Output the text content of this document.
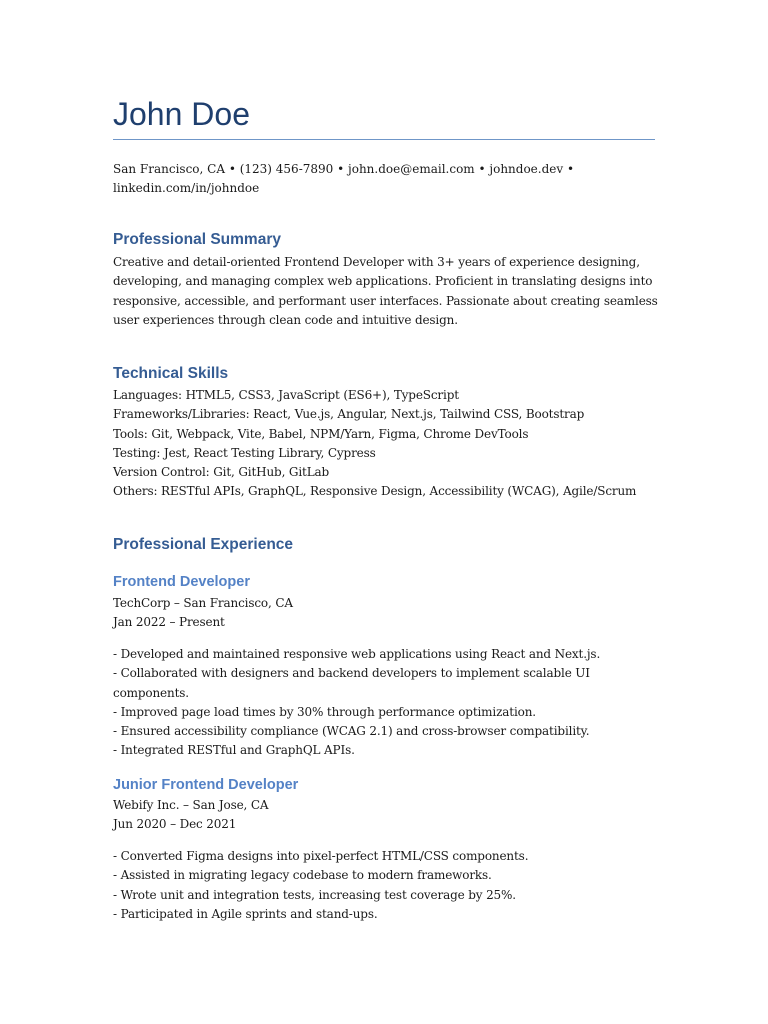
John Doe
San Francisco, CA • (123) 456-7890 • john.doe@email.com • johndoe.dev • linkedin.com/in/johndoe
Professional Summary

Creative and detail-oriented Frontend Developer with 3+ years of experience designing, developing, and managing complex web applications. Proficient in translating designs into responsive, accessible, and performant user interfaces. Passionate about creating seamless user experiences through clean code and intuitive design.

Technical Skills
Languages: HTML5, CSS3, JavaScript (ES6+), TypeScript
Frameworks/Libraries: React, Vue.js, Angular, Next.js, Tailwind CSS, Bootstrap
Tools: Git, Webpack, Vite, Babel, NPM/Yarn, Figma, Chrome DevTools
Testing: Jest, React Testing Library, Cypress
Version Control: Git, GitHub, GitLab
Others: RESTful APIs, GraphQL, Responsive Design, Accessibility (WCAG), Agile/Scrum
Professional Experience
Frontend Developer
TechCorp – San Francisco, CA
Jan 2022 – Present
- Developed and maintained responsive web applications using React and Next.js.
- Collaborated with designers and backend developers to implement scalable UI components.
- Improved page load times by 30% through performance optimization.
- Ensured accessibility compliance (WCAG 2.1) and cross-browser compatibility.
- Integrated RESTful and GraphQL APIs.
Junior Frontend Developer
Webify Inc. – San Jose, CA
Jun 2020 – Dec 2021
- Converted Figma designs into pixel-perfect HTML/CSS components.
- Assisted in migrating legacy codebase to modern frameworks.
- Wrote unit and integration tests, increasing test coverage by 25%.
- Participated in Agile sprints and stand-ups.
